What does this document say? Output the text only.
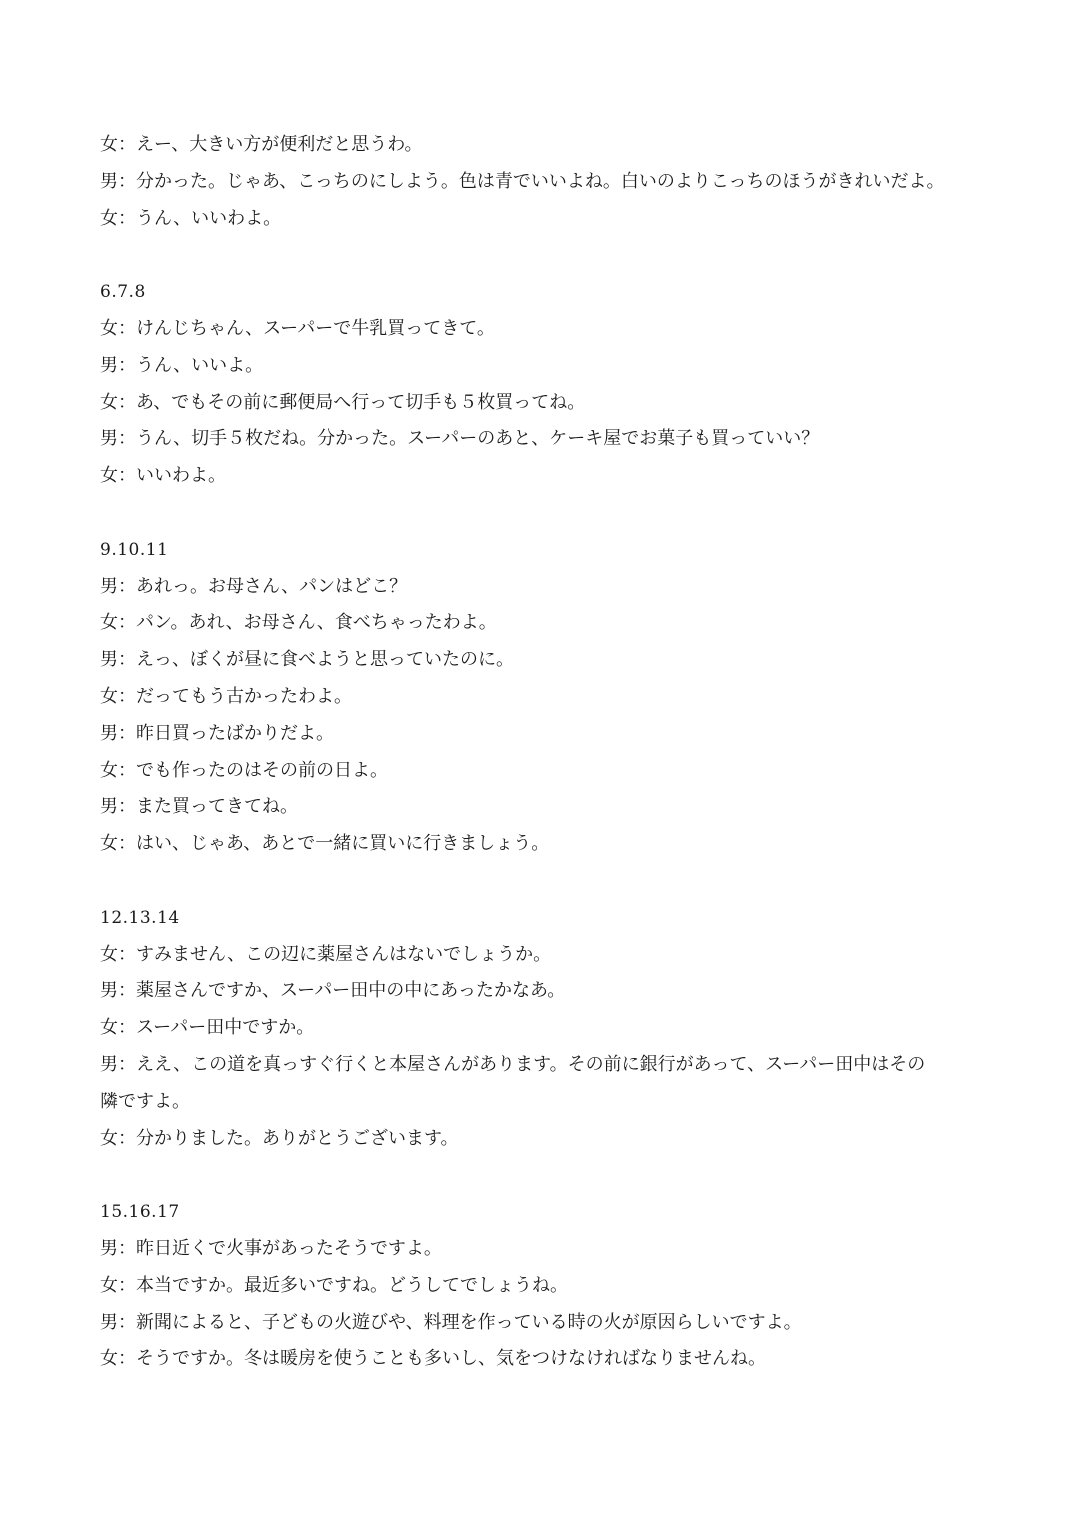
女：えー、大きい方が便利だと思うわ。
男：分かった。じゃあ、こっちのにしよう。色は青でいいよね。白いのよりこっちのほうがきれいだよ。
女：うん、いいわよ。
6.7.8
女：けんじちゃん、スーパーで牛乳買ってきて。
男：うん、いいよ。
女：あ、でもその前に郵便局へ行って切手も５枚買ってね。
男：うん、切手５枚だね。分かった。スーパーのあと、ケーキ屋でお菓子も買っていい？
女：いいわよ。
9.10.11
男：あれっ。お母さん、パンはどこ？
女：パン。あれ、お母さん、食べちゃったわよ。
男：えっ、ぼくが昼に食べようと思っていたのに。
女：だってもう古かったわよ。
男：昨日買ったばかりだよ。
女：でも作ったのはその前の日よ。
男：また買ってきてね。
女：はい、じゃあ、あとで一緒に買いに行きましょう。
12.13.14
女：すみません、この辺に薬屋さんはないでしょうか。
男：薬屋さんですか、スーパー田中の中にあったかなあ。
女：スーパー田中ですか。
男：ええ、この道を真っすぐ行くと本屋さんがあります。その前に銀行があって、スーパー田中はその
隣ですよ。
女：分かりました。ありがとうございます。
15.16.17
男：昨日近くで火事があったそうですよ。
女：本当ですか。最近多いですね。どうしてでしょうね。
男：新聞によると、子どもの火遊びや、料理を作っている時の火が原因らしいですよ。
女：そうですか。冬は暖房を使うことも多いし、気をつけなければなりませんね。
